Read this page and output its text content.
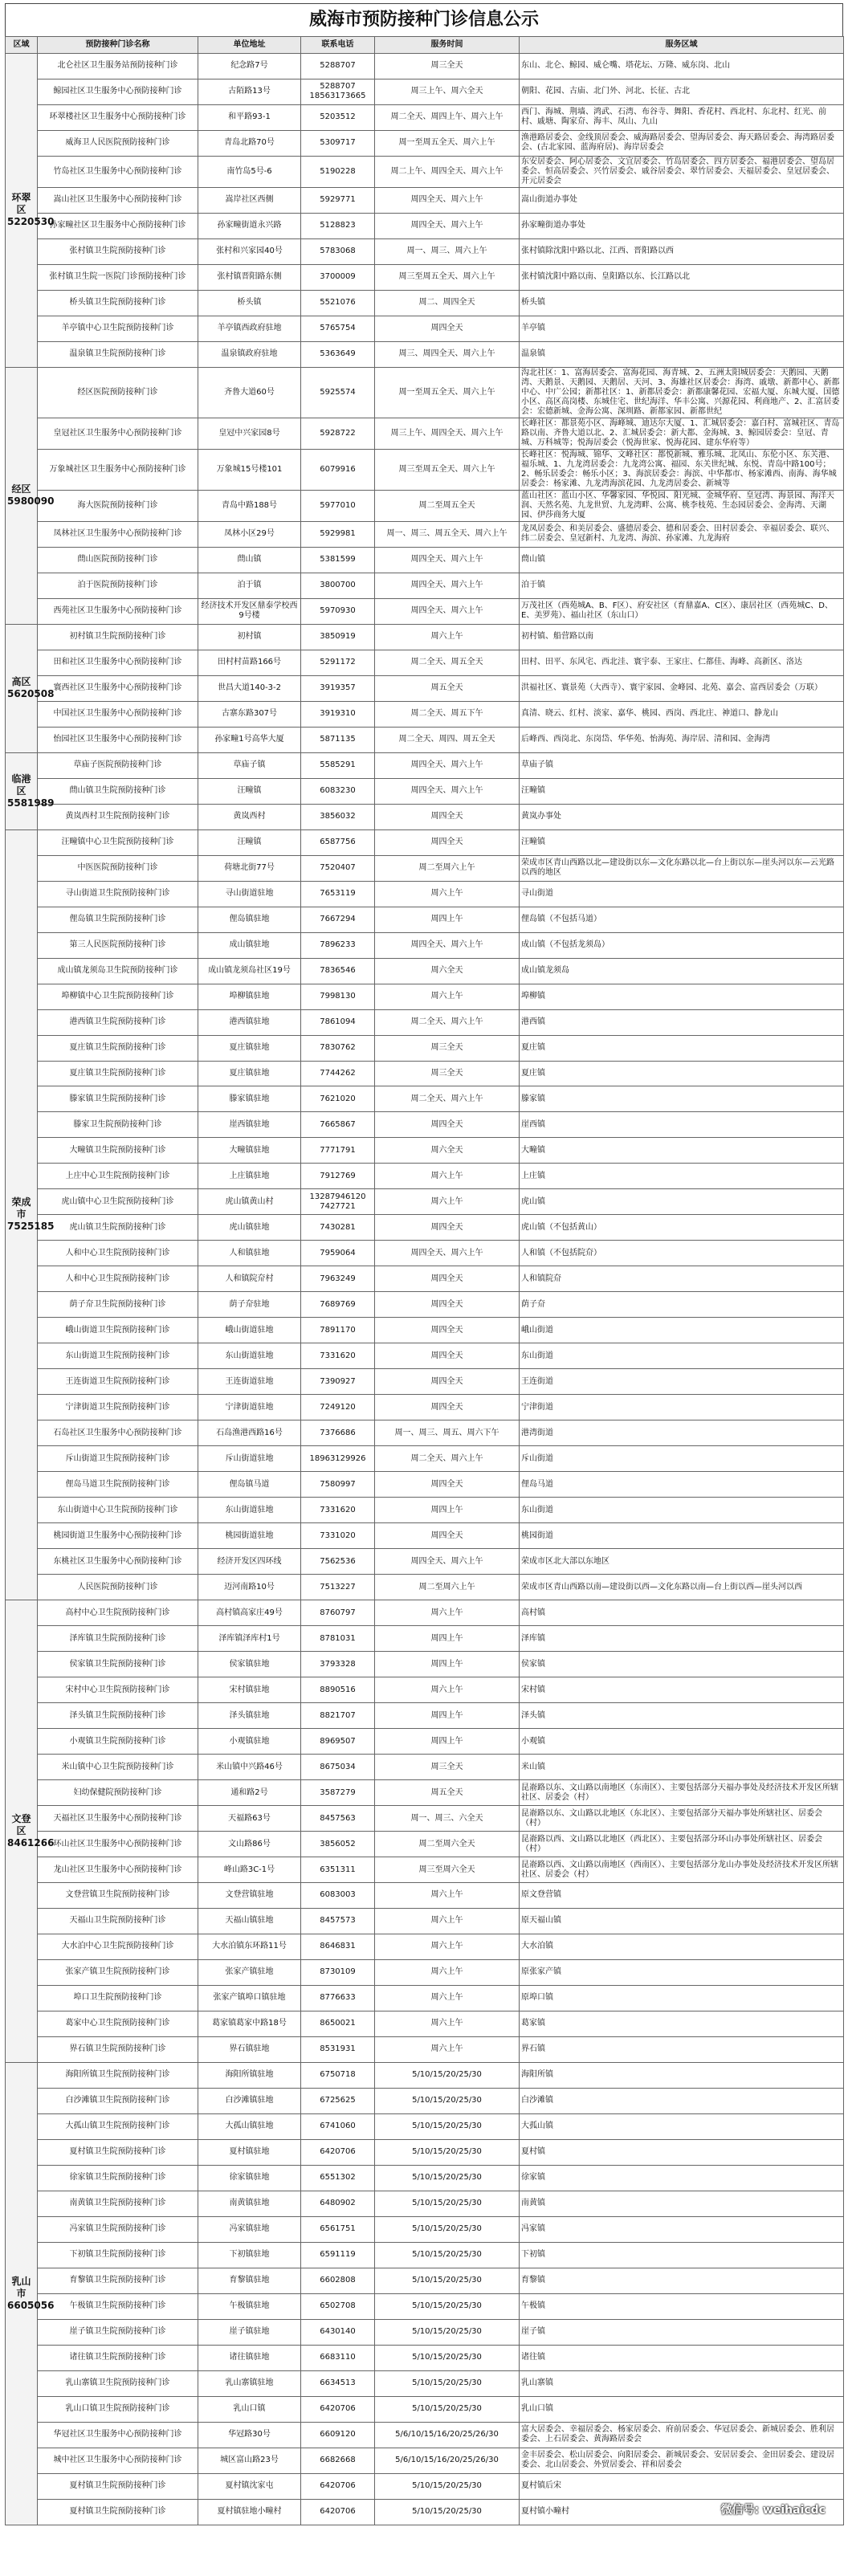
威海市预防接种门诊信息公示
区域	预防接种门诊名称	单位地址	联系电话	服务时间	服务区域
环翠区 5220530	北仑社区卫生服务站预防接种门诊	纪念路7号	5288707	周三全天	东山、北仑、鲸园、威仑嘴、塔花坛、万隆、威东岗、北山
	鲸园社区卫生服务中心预防接种门诊	古陌路13号	5288707 18563173665	周三上午、周六全天	朝阳、花园、古庙、北门外、河北、长征、古北
	环翠楼社区卫生服务中心预防接种门诊	和平路93-1	5203512	周二全天、周四上午、周六上午	西门、海城、荆墙、鸿武、石湾、布谷寺、舞阳、香花村、西北村、东北村、红光、前村、戚塘、陶家夼、海丰、凤山、九山
	威海卫人民医院预防接种门诊	青岛北路70号	5309717	周一至周五全天、周六上午	渔港路居委会、金线顶居委会、威海路居委会、望海居委会、海天路居委会、海湾路居委会、(古北家园、蓝海府居)、海岸居委会
	竹岛社区卫生服务中心预防接种门诊	南竹岛5号-6	5190228	周二上午、周四全天、周六上午	东安居委会、阿心居委会、文宜居委会、竹岛居委会、四方居委会、福港居委会、望岛居委会、恒高居委会、兴竹居委会、戚谷居委会、翠竹居委会、天福居委会、皇冠居委会、开元居委会
	嵩山社区卫生服务中心预防接种门诊	嵩岸社区西侧	5929771	周四全天、周六上午	嵩山街道办事处
	孙家疃社区卫生服务中心预防接种门诊	孙家疃街道永兴路	5128823	周四全天、周六上午	孙家疃街道办事处
	张村镇卫生院预防接种门诊	张村和兴家园40号	5783068	周一、周三、周六上午	张村镇除沈阳中路以北、江西、晋阳路以西
	张村镇卫生院一医院门诊预防接种门诊	张村镇晋阳路东侧	3700009	周三至周五全天、周六上午	张村镇沈阳中路以南、皇阳路以东、长江路以北
	桥头镇卫生院预防接种门诊	桥头镇	5521076	周二、周四全天	桥头镇
	羊亭镇中心卫生院预防接种门诊	羊亭镇西政府驻地	5765754	周四全天	羊亭镇
	温泉镇卫生院预防接种门诊	温泉镇政府驻地	5363649	周三、周四全天、周六上午	温泉镇
经区 5980090	经区医院预防接种门诊	齐鲁大道60号	5925574	周一至周五全天、周六上午	沟北社区：1、富海居委会、富海花园、海青城、2、五洲太阳城居委会：天鹅园、天鹅湾、天鹅景、天鹅园、天鹅居、天河、3、海雄社区居委会：海湾、戚墩、新都中心、新都中心、中广公园；新都社区：1、新都居委会：新都康馨花园、宏福大厦、东城大厦、国德小区、高区高岗楼、东城住宅、世纪海洋、华丰公寓、兴源花园、利商地产、2、汇富居委会：宏德新城、金海公寓、深圳路、新都家园、新都世纪
	皇冠社区卫生服务中心预防接种门诊	皇冠中兴家园8号	5928722	周三上午、周四全天、周六上午	长峰社区：都景苑小区、海峰城、迪达尔大厦、1、汇城居委会：嘉白村、富城社区、青岛路以南、齐鲁大道以北、2、汇城居委会：新大都、金海城、3、鲸园居委会：皇冠、青城、万科城等；悦海居委会（悦海世家、悦海花园、建东华府等）
	万象城社区卫生服务中心预防接种门诊	万象城15号楼101	6079916	周三至周五全天、周六上午	长峰社区：悦海城、锦华、文峰社区：都悦新城、雅乐城、北凤山、东伦小区、东关港、福乐城、1、九龙湾居委会：九龙湾公寓、福园、东关世纪城、东悦、青岛中路100号；2、畅乐居委会：畅乐小区；3、海滨居委会：海滨、中华都市、杨家滩西、南海、海华城居委会：杨家滩、九龙湾海滨花园、九龙湾居委会、新城等
	海大医院预防接种门诊	青岛中路188号	5977010	周二至周五全天	蓝山社区：蓝山小区、华馨家园、华悦园、阳光城、金城华府、皇冠湾、海景园、海洋天润、天然名苑、九龙世贸、九龙湾畔、公寓、桃李枝苑、生态园居委会、金海湾、天湖园、伊莎商务大厦
	凤林社区卫生服务中心预防接种门诊	凤林小区29号	5929981	周一、周三、周五全天、周六上午	龙凤居委会、和美居委会、盛德居委会、德和居委会、田村居委会、幸福居委会、联兴、纬二居委会、皇冠新村、九龙湾、海滨、孙家滩、九龙海府
	蔄山医院预防接种门诊	蔄山镇	5381599	周四全天、周六上午	蔄山镇
	泊于医院预防接种门诊	泊于镇	3800700	周四全天、周六上午	泊于镇
	西苑社区卫生服务中心预防接种门诊	经济技术开发区鼎泰学校西9号楼	5970930	周四全天、周六上午	万茂社区（西苑城A、B、F区）、府安社区（育鼎嘉A、C区）、康居社区（西苑城C、D、E、美罗苑）、福山社区（东山口）
高区 5620508	初村镇卫生院预防接种门诊	初村镇	3850919	周六上午	初村镇、船营路以南
	田和社区卫生服务中心预防接种门诊	田村村苗路166号	5291172	周二全天、周五全天	田村、田平、东风宅、西北洼、寰宇泰、王家庄、仁都佳、海峰、高新区、洛达
	寰西社区卫生服务中心预防接种门诊	世昌大道140-3-2	3919357	周五全天	洪福社区、寰景苑（大西寺）、寰宇家园、金峰园、北苑、嘉会、富西居委会（万联）
	中国社区卫生服务中心预防接种门诊	古寨东路307号	3919310	周二全天、周五下午	真清、晓云、红村、淡家、嘉华、桃园、西岗、西北庄、神道口、静龙山
	怡园社区卫生服务中心预防接种门诊	孙家疃1号高华大厦	5871135	周二全天、周四、周五全天	后峰西、西岗北、东岗岱、华华苑、怡海苑、海岸居、清和园、金海湾
临港区 5581989	草庙子医院预防接种门诊	草庙子镇	5585291	周四全天、周六上午	草庙子镇
	蔄山镇卫生院预防接种门诊	汪疃镇	6083230	周四全天、周六上午	汪疃镇
	黄岚西村卫生院预防接种门诊	黄岚西村	3856032	周四全天	黄岚办事处
荣成市 7525185	汪疃镇中心卫生院预防接种门诊	汪疃镇	6587756	周四全天	汪疃镇
	中医医院预防接种门诊	荷塘北街77号	7520407	周二至周六上午	荣成市区青山西路以北—建设街以东—文化东路以北—台上街以东—崖头河以东—云光路以西的地区
	寻山街道卫生院预防接种门诊	寻山街道驻地	7653119	周六上午	寻山街道
	俚岛镇卫生院预防接种门诊	俚岛镇驻地	7667294	周四上午	俚岛镇（不包括马道）
	第三人民医院预防接种门诊	成山镇驻地	7896233	周四全天、周六上午	成山镇（不包括龙须岛）
	成山镇龙须岛卫生院预防接种门诊	成山镇龙须岛社区19号	7836546	周六全天	成山镇龙须岛
	埠柳镇中心卫生院预防接种门诊	埠柳镇驻地	7998130	周六上午	埠柳镇
	港西镇卫生院预防接种门诊	港西镇驻地	7861094	周二全天、周六上午	港西镇
	夏庄镇卫生院预防接种门诊	夏庄镇驻地	7830762	周三全天	夏庄镇
	夏庄镇卫生院预防接种门诊	夏庄镇驻地	7744262	周三全天	夏庄镇
	滕家镇卫生院预防接种门诊	滕家镇驻地	7621020	周二全天、周六上午	滕家镇
	滕家卫生院预防接种门诊	崖西镇驻地	7665867	周四全天	崖西镇
	大疃镇卫生院预防接种门诊	大疃镇驻地	7771791	周六全天	大疃镇
	上庄中心卫生院预防接种门诊	上庄镇驻地	7912769	周六上午	上庄镇
	虎山镇中心卫生院预防接种门诊	虎山镇黄山村	13287946120 7427721	周六上午	虎山镇
	虎山镇卫生院预防接种门诊	虎山镇驻地	7430281	周四全天	虎山镇（不包括黄山）
	人和中心卫生院预防接种门诊	人和镇驻地	7959064	周四全天、周六上午	人和镇（不包括院夼）
	人和中心卫生院预防接种门诊	人和镇院夼村	7963249	周四全天	人和镇院夼
	荫子夼卫生院预防接种门诊	荫子夼驻地	7689769	周四全天	荫子夼
	峨山街道卫生院预防接种门诊	峨山街道驻地	7891170	周四全天	峨山街道
	东山街道卫生院预防接种门诊	东山街道驻地	7331620	周四全天	东山街道
	王连街道卫生院预防接种门诊	王连街道驻地	7390927	周四全天	王连街道
	宁津街道卫生院预防接种门诊	宁津街道驻地	7249120	周四全天	宁津街道
	石岛社区卫生服务中心预防接种门诊	石岛渔港西路16号	7376686	周一、周三、周五、周六下午	港湾街道
	斥山街道卫生院预防接种门诊	斥山街道驻地	18963129926	周二全天、周六上午	斥山街道
	俚岛马道卫生院预防接种门诊	俚岛镇马道	7580997	周四全天	俚岛马道
	东山街道中心卫生院预防接种门诊	东山街道驻地	7331620	周四上午	东山街道
	桃园街道卫生服务中心预防接种门诊	桃园街道驻地	7331020	周四全天	桃园街道
	东桃社区卫生服务中心预防接种门诊	经济开发区四环线	7562536	周四全天、周六上午	荣成市区北大部以东地区
	人民医院预防接种门诊	迈河南路10号	7513227	周二至周六上午	荣成市区青山西路以南—建设街以西—文化东路以南—台上街以西—崖头河以西
文登区 8461266	高村中心卫生院预防接种门诊	高村镇高家庄49号	8760797	周六上午	高村镇
	泽库镇卫生院预防接种门诊	泽库镇泽库村1号	8781031	周四上午	泽库镇
	侯家镇卫生院预防接种门诊	侯家镇驻地	3793328	周四上午	侯家镇
	宋村中心卫生院预防接种门诊	宋村镇驻地	8890516	周六上午	宋村镇
	泽头镇卫生院预防接种门诊	泽头镇驻地	8821707	周四上午	泽头镇
	小观镇卫生院预防接种门诊	小观镇驻地	8969507	周四上午	小观镇
	米山镇中心卫生院预防接种门诊	米山镇中兴路46号	8675034	周三全天	米山镇
	妇幼保健院预防接种门诊	通和路2号	3587279	周五全天	昆嵛路以东、文山路以南地区（东南区）、主要包括部分天福办事处及经济技术开发区所辖社区、居委会（村）
	天福社区卫生服务中心预防接种门诊	天福路63号	8457563	周一、周三、六全天	昆嵛路以东、文山路以北地区（东北区）、主要包括部分天福办事处所辖社区、居委会（村）
	环山社区卫生服务中心预防接种门诊	文山路86号	3856052	周二至周六全天	昆嵛路以西、文山路以北地区（西北区）、主要包括部分环山办事处所辖社区、居委会（村）
	龙山社区卫生服务中心预防接种门诊	峰山路3C-1号	6351311	周三至周六全天	昆嵛路以西、文山路以南地区（西南区）、主要包括部分龙山办事处及经济技术开发区所辖社区、居委会（村）
	文登营镇卫生院预防接种门诊	文登营镇驻地	6083003	周六上午	原文登营镇
	天福山卫生院预防接种门诊	天福山镇驻地	8457573	周六上午	原天福山镇
	大水泊中心卫生院预防接种门诊	大水泊镇东环路11号	8646831	周六上午	大水泊镇
	张家产镇卫生院预防接种门诊	张家产镇驻地	8730109	周六上午	原张家产镇
	埠口卫生院预防接种门诊	张家产镇埠口镇驻地	8776633	周六上午	原埠口镇
	葛家中心卫生院预防接种门诊	葛家镇葛家中路18号	8650021	周六上午	葛家镇
	界石镇卫生院预防接种门诊	界石镇驻地	8531931	周六上午	界石镇
乳山市 6605056	海阳所镇卫生院预防接种门诊	海阳所镇驻地	6750718	5/10/15/20/25/30	海阳所镇
	白沙滩镇卫生院预防接种门诊	白沙滩镇驻地	6725625	5/10/15/20/25/30	白沙滩镇
	大孤山镇卫生院预防接种门诊	大孤山镇驻地	6741060	5/10/15/20/25/30	大孤山镇
	夏村镇卫生院预防接种门诊	夏村镇驻地	6420706	5/10/15/20/25/30	夏村镇
	徐家镇卫生院预防接种门诊	徐家镇驻地	6551302	5/10/15/20/25/30	徐家镇
	南黄镇卫生院预防接种门诊	南黄镇驻地	6480902	5/10/15/20/25/30	南黄镇
	冯家镇卫生院预防接种门诊	冯家镇驻地	6561751	5/10/15/20/25/30	冯家镇
	下初镇卫生院预防接种门诊	下初镇驻地	6591119	5/10/15/20/25/30	下初镇
	育黎镇卫生院预防接种门诊	育黎镇驻地	6602808	5/10/15/20/25/30	育黎镇
	午极镇卫生院预防接种门诊	午极镇驻地	6502708	5/10/15/20/25/30	午极镇
	崖子镇卫生院预防接种门诊	崖子镇驻地	6430140	5/10/15/20/25/30	崖子镇
	诸往镇卫生院预防接种门诊	诸往镇驻地	6683110	5/10/15/20/25/30	诸往镇
	乳山寨镇卫生院预防接种门诊	乳山寨镇驻地	6634513	5/10/15/20/25/30	乳山寨镇
	乳山口镇卫生院预防接种门诊	乳山口镇	6420706	5/10/15/20/25/30	乳山口镇
	华冠社区卫生服务中心预防接种门诊	华冠路30号	6609120	5/6/10/15/16/20/25/26/30	富大居委会、幸福居委会、杨家居委会、府前居委会、华冠居委会、新城居委会、胜利居委会、上石居委会、黄海路居委会
	城中社区卫生服务中心预防接种门诊	城区富山路23号	6682668	5/6/10/15/16/20/25/26/30	金丰居委会、松山居委会、向阳居委会、新城居委会、安居居委会、金田居委会、建设居委会、北山居委会、外贸居委会、祥和居委会
	夏村镇卫生院预防接种门诊	夏村镇沈家屯	6420706	5/10/15/20/25/30	夏村镇后宋
	夏村镇卫生院预防接种门诊	夏村镇驻地小疃村	6420706	5/10/15/20/25/30	夏村镇小疃村	微信号: weihaicdc
